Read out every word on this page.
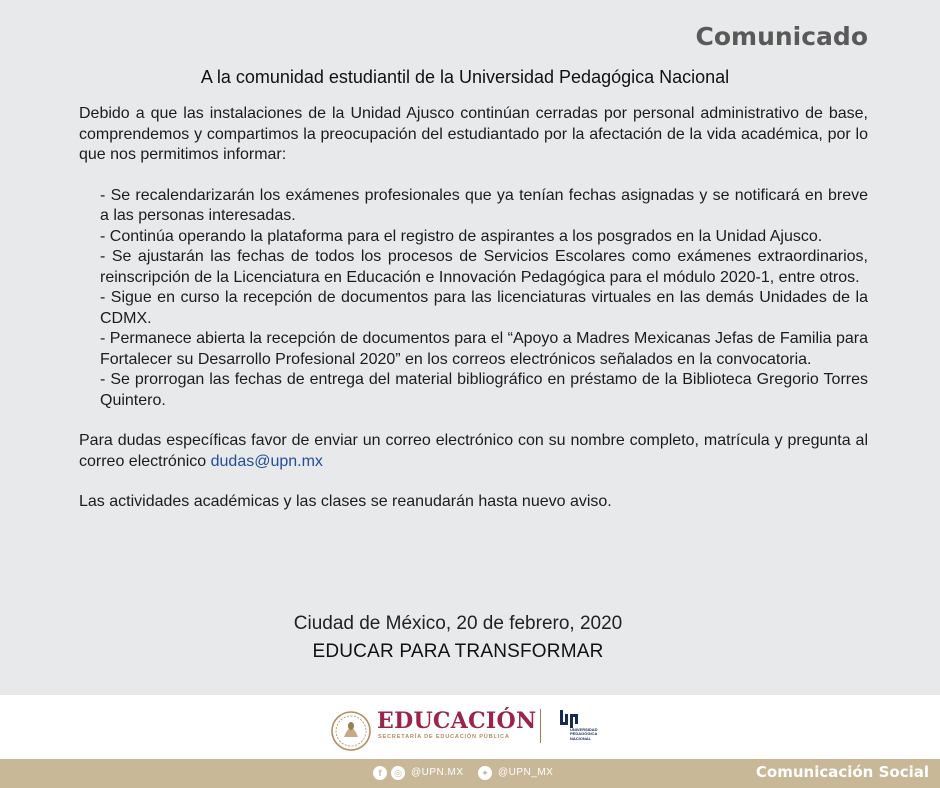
Comunicado
A la comunidad estudiantil de la Universidad Pedagógica Nacional

Debido a que las instalaciones de la Unidad Ajusco continúan cerradas por personal administrativo de base, comprendemos y compartimos la preocupación del estudiantado por la afectación de la vida académica, por lo que nos permitimos informar:

- Se recalendarizarán los exámenes profesionales que ya tenían fechas asignadas y se notificará en breve a las personas interesadas.
- Continúa operando la plataforma para el registro de aspirantes a los posgrados en la Unidad Ajusco.
- Se ajustarán las fechas de todos los procesos de Servicios Escolares como exámenes extraordinarios, reinscripción de la Licenciatura en Educación e Innovación Pedagógica para el módulo 2020-1, entre otros.
- Sigue en curso la recepción de documentos para las licenciaturas virtuales en las demás Unidades de la CDMX.
- Permanece abierta la recepción de documentos para el “Apoyo a Madres Mexicanas Jefas de Familia para Fortalecer su Desarrollo Profesional 2020” en los correos electrónicos señalados en la convocatoria.
- Se prorrogan las fechas de entrega del material bibliográfico en préstamo de la Biblioteca Gregorio Torres Quintero.

Para dudas específicas favor de enviar un correo electrónico con su nombre completo, matrícula y pregunta al correo electrónico dudas@upn.mx

Las actividades académicas y las clases se reanudarán hasta nuevo aviso.

Ciudad de México, 20 de febrero, 2020
EDUCAR PARA TRANSFORMAR
EDUCACIÓN
SECRETARÍA DE EDUCACIÓN PÚBLICA
UNIVERSIDAD
PEDAGÓGICA
NACIONAL
f	◎ @UPN.MX	✦ @UPN_MX	Comunicación Social
